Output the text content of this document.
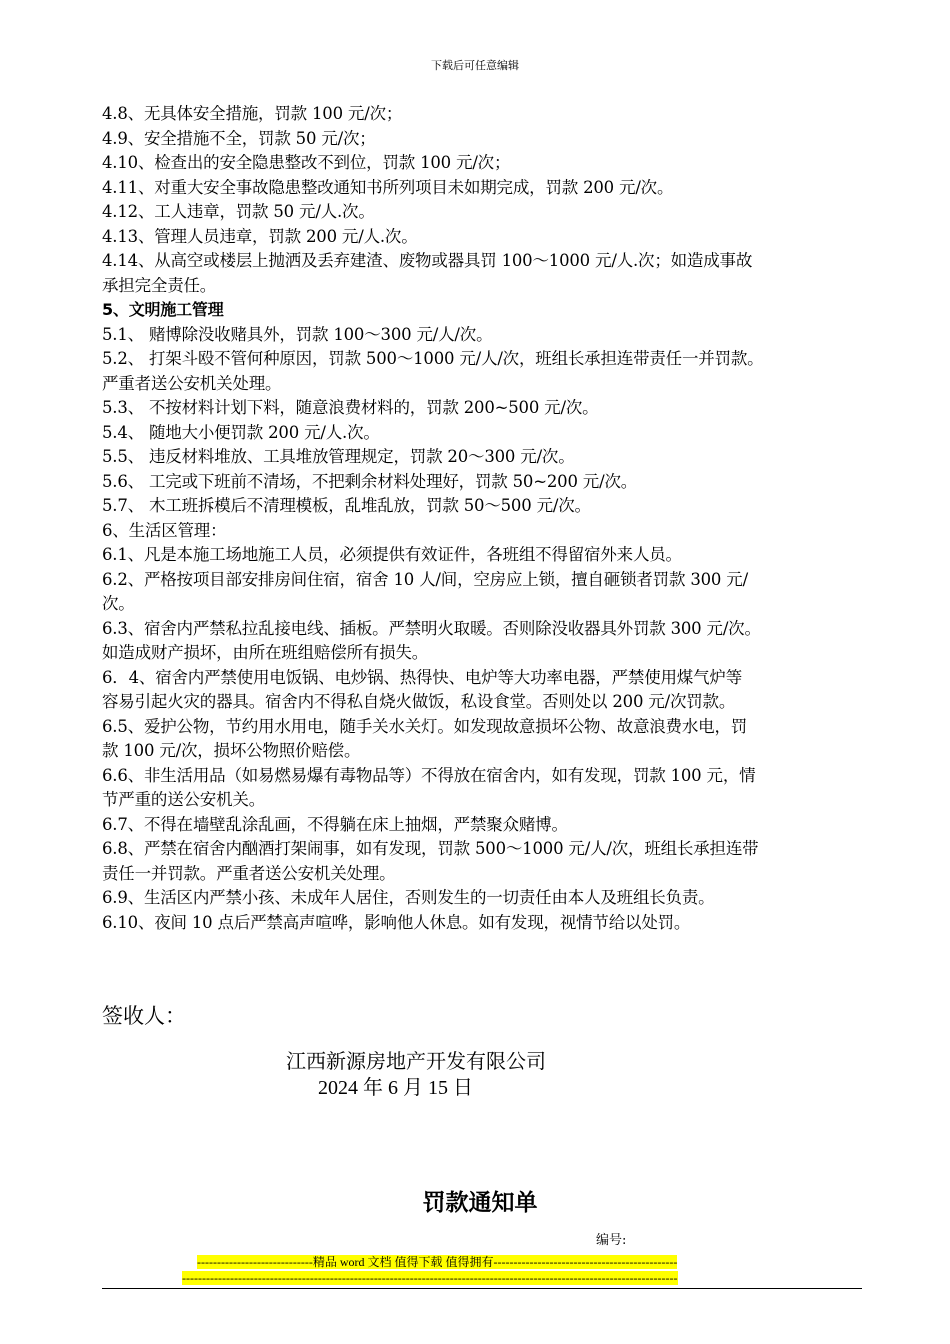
下载后可任意编辑
4.8、无具体安全措施，罚款 100 元/次；
4.9、安全措施不全，罚款 50 元/次；
4.10、检查出的安全隐患整改不到位，罚款 100 元/次；
4.11、对重大安全事故隐患整改通知书所列项目未如期完成，罚款 200 元/次。
4.12、工人违章，罚款 50 元/人.次。
4.13、管理人员违章，罚款 200 元/人.次。
4.14、从高空或楼层上抛洒及丢弃建渣、废物或器具罚 100～1000 元/人.次；如造成事故
承担完全责任。
5、文明施工管理
5.1、 赌博除没收赌具外，罚款 100～300 元/人/次。
5.2、 打架斗殴不管何种原因，罚款 500～1000 元/人/次，班组长承担连带责任一并罚款。
严重者送公安机关处理。
5.3、 不按材料计划下料，随意浪费材料的，罚款 200~500 元/次。
5.4、 随地大小便罚款 200 元/人.次。
5.5、 违反材料堆放、工具堆放管理规定，罚款 20～300 元/次。
5.6、 工完或下班前不清场，不把剩余材料处理好，罚款 50~200 元/次。
5.7、 木工班拆模后不清理模板，乱堆乱放，罚款 50～500 元/次。
6、生活区管理：
6.1、凡是本施工场地施工人员，必须提供有效证件，各班组不得留宿外来人员。
6.2、严格按项目部安排房间住宿，宿舍 10 人/间，空房应上锁，擅自砸锁者罚款 300 元/
次。
6.3、宿舍内严禁私拉乱接电线、插板。严禁明火取暖。否则除没收器具外罚款 300 元/次。
如造成财产损坏，由所在班组赔偿所有损失。
6．4、宿舍内严禁使用电饭锅、电炒锅、热得快、电炉等大功率电器，严禁使用煤气炉等
容易引起火灾的器具。宿舍内不得私自烧火做饭，私设食堂。否则处以 200 元/次罚款。
6.5、爱护公物，节约用水用电，随手关水关灯。如发现故意损坏公物、故意浪费水电，罚
款 100 元/次，损坏公物照价赔偿。
6.6、非生活用品（如易燃易爆有毒物品等）不得放在宿舍内，如有发现，罚款 100 元，情
节严重的送公安机关。
6.7、不得在墙壁乱涂乱画，不得躺在床上抽烟，严禁聚众赌博。
6.8、严禁在宿舍内酗酒打架闹事，如有发现，罚款 500～1000 元/人/次，班组长承担连带
责任一并罚款。严重者送公安机关处理。
6.9、生活区内严禁小孩、未成年人居住，否则发生的一切责任由本人及班组长负责。
6.10、夜间 10 点后严禁高声喧哗，影响他人休息。如有发现，视情节给以处罚。
签收人：
江西新源房地产开发有限公司
2024 年 6 月 15 日
罚款通知单
编号:
-----------------------------精品 word 文档 值得下载 值得拥有----------------------------------------------
----------------------------------------------------------------------------------------------------------------------------
